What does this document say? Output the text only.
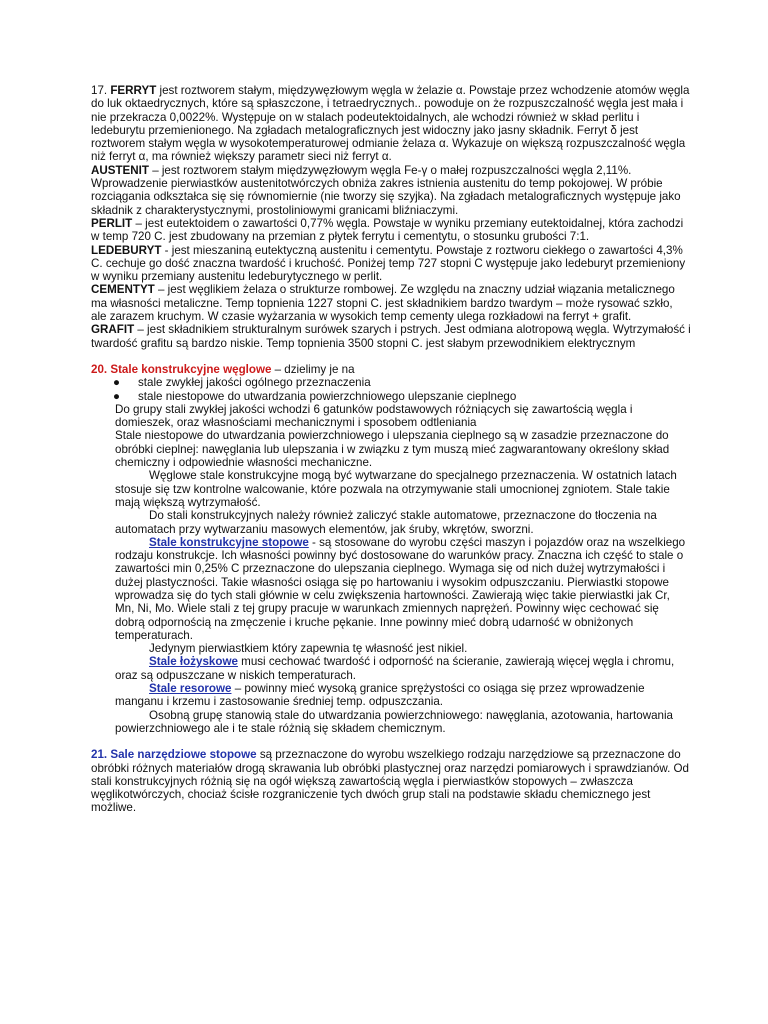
17. FERRYT jest roztworem stałym, międzywęzłowym węgla w żelazie α. Powstaje przez wchodzenie atomów węgla do luk oktaedrycznych, które są spłaszczone, i tetraedrycznych.. powoduje on że rozpuszczalność węgla jest mała i nie przekracza 0,0022%. Występuje on w stalach podeutektoidalnych, ale wchodzi również w skład perlitu i ledeburytu przemienionego. Na zgładach metalograficznych jest widoczny jako jasny składnik. Ferryt δ jest roztworem stałym węgla w wysokotemperaturowej odmianie żelaza α. Wykazuje on większą rozpuszczalność węgla niż ferryt α, ma również większy parametr sieci niż ferryt α.

AUSTENIT – jest roztworem stałym międzywęzłowym węgla Fe-γ o małej rozpuszczalności węgla 2,11%. Wprowadzenie pierwiastków austenitotwórczych obniża zakres istnienia austenitu do temp pokojowej. W próbie rozciągania odkształca się się równomiernie (nie tworzy się szyjka). Na zgładach metalograficznych występuje jako składnik z charakterystycznymi, prostoliniowymi granicami bliźniaczymi.

PERLIT – jest eutektoidem o zawartości 0,77% węgla. Powstaje w wyniku przemiany eutektoidalnej, która zachodzi w temp 720 C. jest zbudowany na przemian z płytek ferrytu i cementytu, o stosunku grubości 7:1.

LEDEBURYT - jest mieszaniną eutektyczną austenitu i cementytu. Powstaje z roztworu ciekłego o zawartości 4,3% C. cechuje go dość znaczna twardość i kruchość. Poniżej temp 727 stopni C występuje jako ledeburyt przemieniony w wyniku przemiany austenitu ledeburytycznego w perlit.

CEMENTYT – jest węglikiem żelaza o strukturze rombowej. Ze względu na znaczny udział wiązania metalicznego ma własności metaliczne. Temp topnienia 1227 stopni C. jest składnikiem bardzo twardym – może rysować szkło, ale zarazem kruchym. W czasie wyżarzania w wysokich temp cementy ulega rozkładowi na ferryt + grafit.

GRAFIT – jest składnikiem strukturalnym surówek szarych i pstrych. Jest odmiana alotropową węgla. Wytrzymałość i twardość grafitu są bardzo niskie. Temp topnienia 3500 stopni C. jest słabym przewodnikiem elektrycznym

20. Stale konstrukcyjne węglowe – dzielimy je na

● stale zwykłej jakości ogólnego przeznaczenia
● stale niestopowe do utwardzania powierzchniowego ulepszanie cieplnego

Do grupy stali zwykłej jakości wchodzi 6 gatunków podstawowych różniących się zawartością węgla i domieszek, oraz własnościami mechanicznymi i sposobem odtleniania

Stale niestopowe do utwardzania powierzchniowego i ulepszania cieplnego są w zasadzie przeznaczone do obróbki cieplnej: nawęglania lub ulepszania i w związku z tym muszą mieć zagwarantowany określony skład chemiczny i odpowiednie własności mechaniczne.

Węglowe stale konstrukcyjne mogą być wytwarzane do specjalnego przeznaczenia. W ostatnich latach stosuje się tzw kontrolne walcowanie, które pozwala na otrzymywanie stali umocnionej zgniotem. Stale takie mają większą wytrzymałość.

Do stali konstrukcyjnych należy również zaliczyć stakle automatowe, przeznaczone do tłoczenia na automatach przy wytwarzaniu masowych elementów, jak śruby, wkrętów, sworzni.

Stale konstrukcyjne stopowe - są stosowane do wyrobu części maszyn i pojazdów oraz na wszelkiego rodzaju konstrukcje. Ich własności powinny być dostosowane do warunków pracy. Znaczna ich część to stale o zawartości min 0,25% C przeznaczone do ulepszania cieplnego. Wymaga się od nich dużej wytrzymałości i dużej plastyczności. Takie własności osiąga się po hartowaniu i wysokim odpuszczaniu. Pierwiastki stopowe wprowadza się do tych stali głównie w celu zwiększenia hartowności. Zawierają więc takie pierwiastki jak Cr, Mn, Ni, Mo. Wiele stali z tej grupy pracuje w warunkach zmiennych naprężeń. Powinny więc cechować się dobrą odpornością na zmęczenie i kruche pękanie. Inne powinny mieć dobrą udarność w obniżonych temperaturach.

Jedynym pierwiastkiem który zapewnia tę własność jest nikiel.

Stale łożyskowe musi cechować twardość i odporność na ścieranie, zawierają więcej węgla i chromu, oraz są odpuszczane w niskich temperaturach.

Stale resorowe – powinny mieć wysoką granice sprężystości co osiąga się przez wprowadzenie manganu i krzemu i zastosowanie średniej temp. odpuszczania.

Osobną grupę stanowią stale do utwardzania powierzchniowego: nawęglania, azotowania, hartowania powierzchniowego ale i te stale różnią się składem chemicznym.

21. Sale narzędziowe stopowe są przeznaczone do wyrobu wszelkiego rodzaju narzędziowe są przeznaczone do obróbki różnych materiałów drogą skrawania lub obróbki plastycznej oraz narzędzi pomiarowych i sprawdzianów. Od stali konstrukcyjnych różnią się na ogół większą zawartością węgla i pierwiastków stopowych – zwłaszcza węglikotwórczych, chociaż ścisłe rozgraniczenie tych dwóch grup stali na podstawie składu chemicznego jest możliwe.
